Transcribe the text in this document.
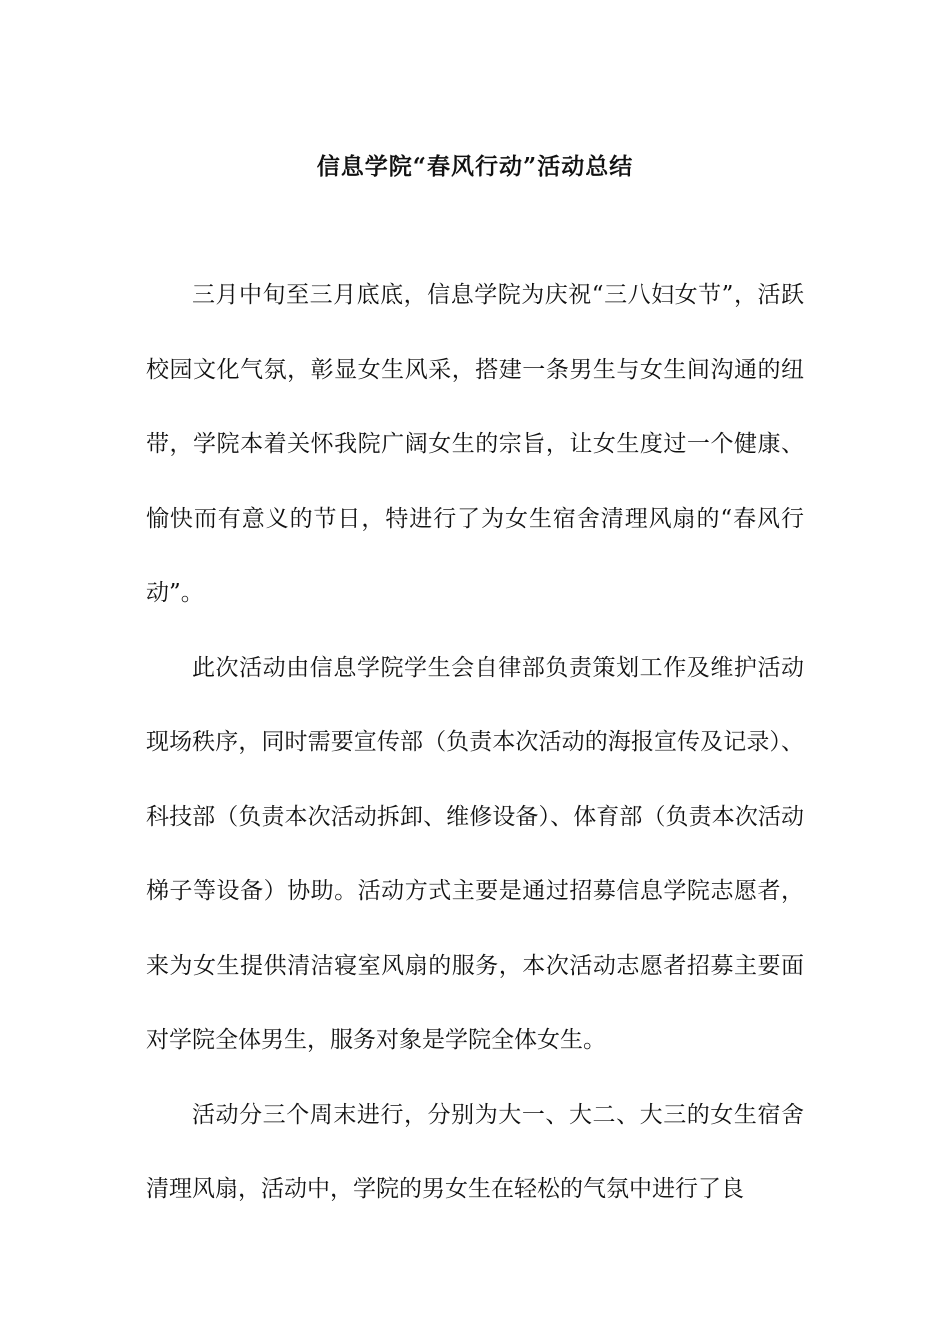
信息学院“春风行动”活动总结

三月中旬至三月底底，信息学院为庆祝“三八妇女节”，活跃校园文化气氛，彰显女生风采，搭建一条男生与女生间沟通的纽带，学院本着关怀我院广阔女生的宗旨，让女生度过一个健康、愉快而有意义的节日，特进行了为女生宿舍清理风扇的“春风行动”。

此次活动由信息学院学生会自律部负责策划工作及维护活动现场秩序，同时需要宣传部（负责本次活动的海报宣传及记录）、科技部（负责本次活动拆卸、维修设备）、体育部（负责本次活动梯子等设备）协助。活动方式主要是通过招募信息学院志愿者，来为女生提供清洁寝室风扇的服务，本次活动志愿者招募主要面对学院全体男生，服务对象是学院全体女生。

活动分三个周末进行，分别为大一、大二、大三的女生宿舍清理风扇，活动中，学院的男女生在轻松的气氛中进行了良
